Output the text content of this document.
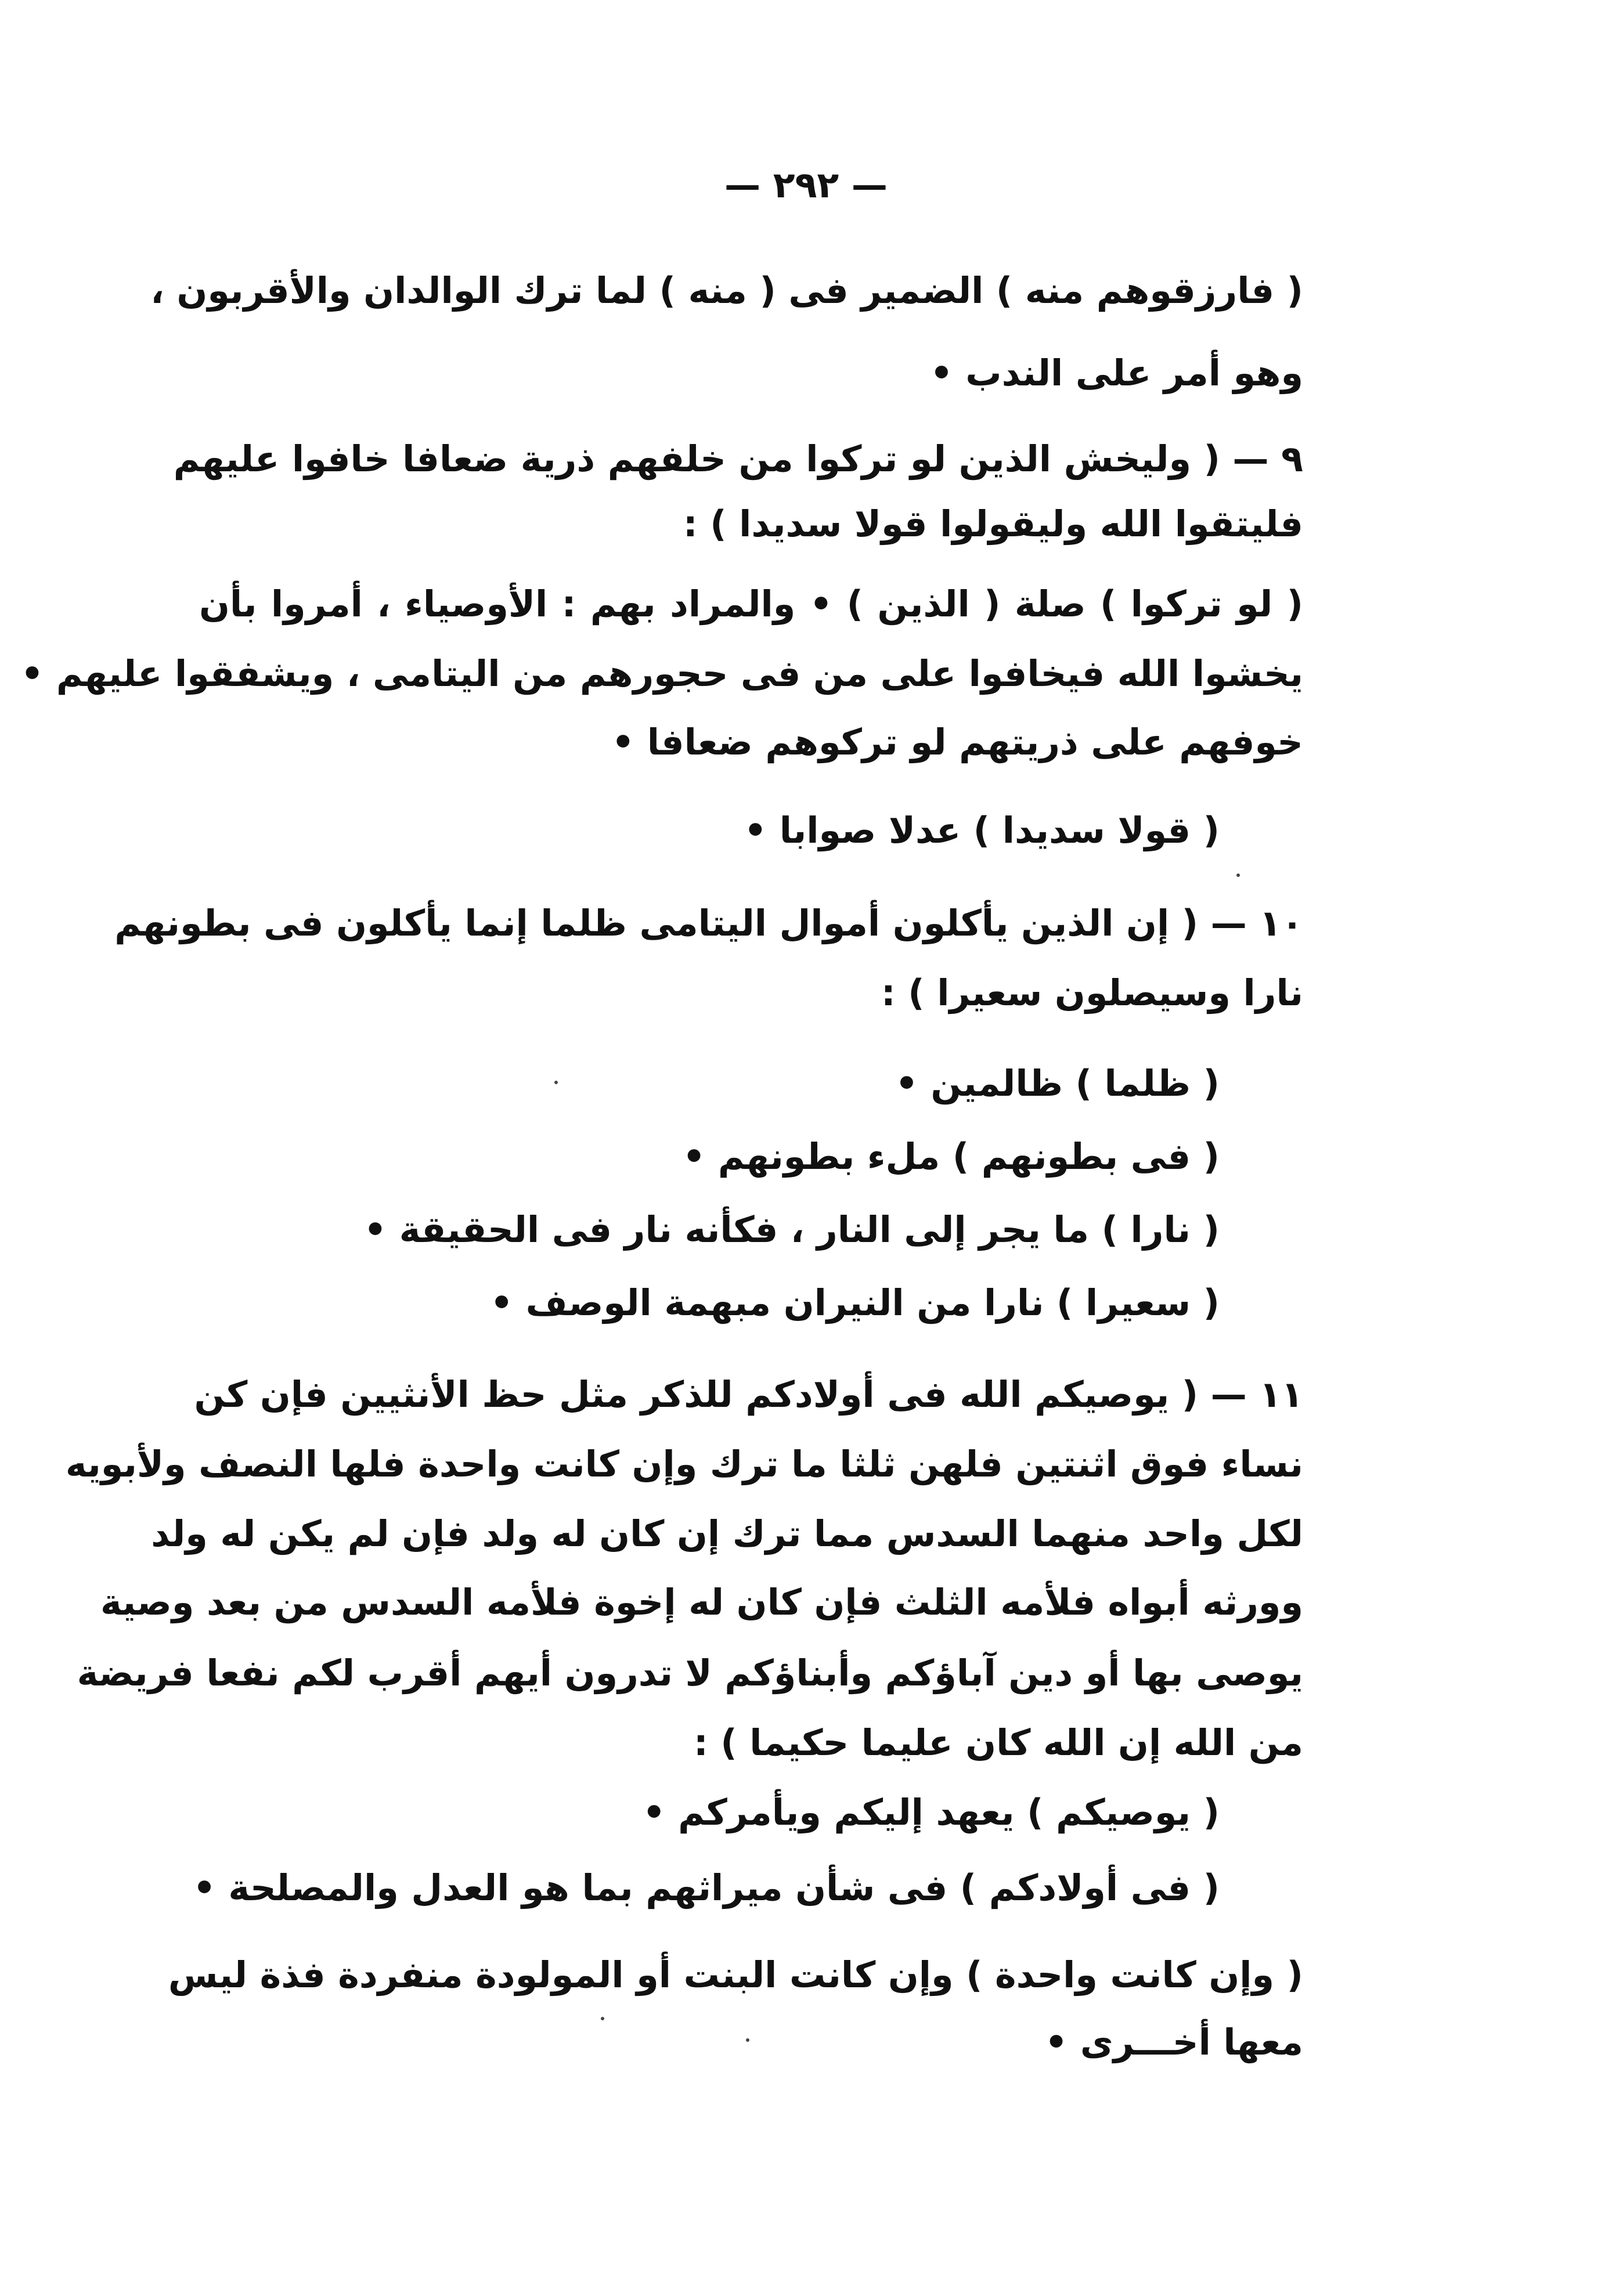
— ٢٩٢ —
( فارزقوهم منه ) الضمير فى ( منه ) لما ترك الوالدان والأقربون ،
وهو أمر على الندب •
٩ — ( وليخش الذين لو تركوا من خلفهم ذرية ضعافا خافوا عليهم
فليتقوا الله وليقولوا قولا سديدا ) :
( لو تركوا ) صلة ( الذين ) • والمراد بهم : الأوصياء ، أمروا بأن
يخشوا الله فيخافوا على من فى حجورهم من اليتامى ، ويشفقوا عليهم •
خوفهم على ذريتهم لو تركوهم ضعافا •
( قولا سديدا ) عدلا صوابا •
١٠ — ( إن الذين يأكلون أموال اليتامى ظلما إنما يأكلون فى بطونهم
نارا وسيصلون سعيرا ) :
( ظلما ) ظالمين •
( فى بطونهم ) ملء بطونهم •
( نارا ) ما يجر إلى النار ، فكأنه نار فى الحقيقة •
( سعيرا ) نارا من النيران مبهمة الوصف •
١١ — ( يوصيكم الله فى أولادكم للذكر مثل حظ الأنثيين فإن كن
نساء فوق اثنتين فلهن ثلثا ما ترك وإن كانت واحدة فلها النصف ولأبويه
لكل واحد منهما السدس مما ترك إن كان له ولد فإن لم يكن له ولد
وورثه أبواه فلأمه الثلث فإن كان له إخوة فلأمه السدس من بعد وصية
يوصى بها أو دين آباؤكم وأبناؤكم لا تدرون أيهم أقرب لكم نفعا فريضة
من الله إن الله كان عليما حكيما ) :
( يوصيكم ) يعهد إليكم ويأمركم •
( فى أولادكم ) فى شأن ميراثهم بما هو العدل والمصلحة •
( وإن كانت واحدة ) وإن كانت البنت أو المولودة منفردة فذة ليس
معها أخـــرى •
